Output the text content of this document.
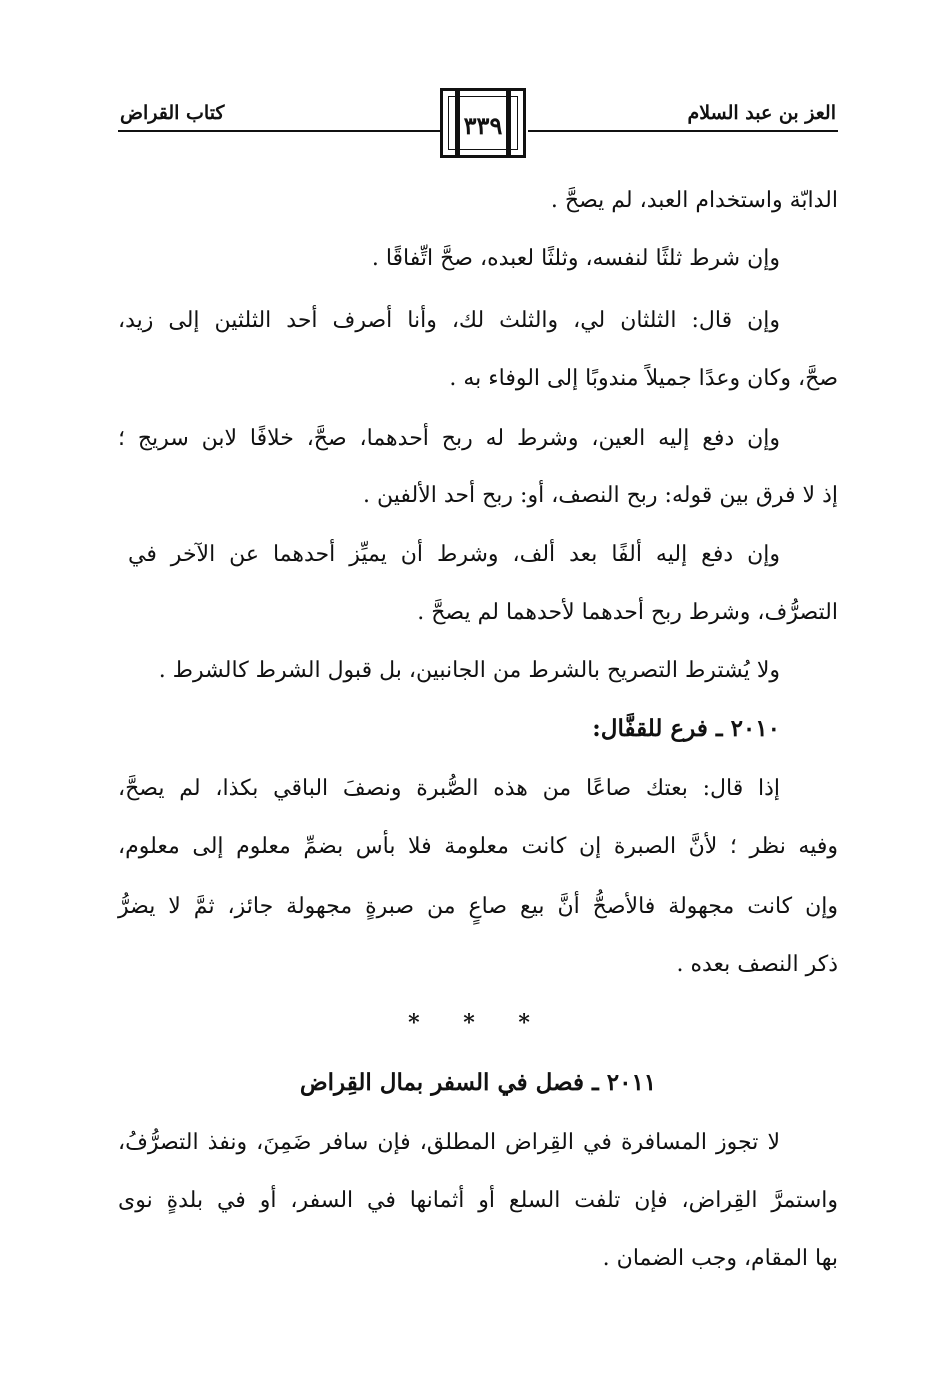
العز بن عبد السلام
٣٣٩
كتاب القراض
الدابّة واستخدام العبد، لم يصحَّ .
وإن شرط ثلثًا لنفسه، وثلثًا لعبده، صحَّ اتِّفاقًا .
وإن قال: الثلثان لي، والثلث لك، وأنا أصرف أحد الثلثين إلى زيد،
صحَّ، وكان وعدًا جميلاً مندوبًا إلى الوفاء به .
وإن دفع إليه العين، وشرط له ربح أحدهما، صحَّ، خلافًا لابن سريج ؛
إذ لا فرق بين قوله: ربح النصف، أو: ربح أحد الألفين .
وإن دفع إليه ألفًا بعد ألف، وشرط أن يميِّز أحدهما عن الآخر في
التصرُّف، وشرط ربح أحدهما لأحدهما لم يصحَّ .
ولا يُشترط التصريح بالشرط من الجانبين، بل قبول الشرط كالشرط .
٢٠١٠ ـ فرع للقفَّال:
إذا قال: بعتك صاعًا من هذه الصُّبرة ونصفَ الباقي بكذا، لم يصحَّ،
وفيه نظر ؛ لأنَّ الصبرة إن كانت معلومة فلا بأس بضمِّ معلوم إلى معلوم،
وإن كانت مجهولة فالأصحُّ أنَّ بيع صاعٍ من صبرةٍ مجهولة جائز، ثمَّ لا يضرُّ
ذكر النصف بعده .
* * *
٢٠١١ ـ فصل في السفر بمال القِراض
لا تجوز المسافرة في القِراض المطلق، فإن سافر ضَمِنَ، ونفذ التصرُّفُ،
واستمرَّ القِراض، فإن تلفت السلع أو أثمانها في السفر، أو في بلدةٍ نوى
بها المقام، وجب الضمان .
